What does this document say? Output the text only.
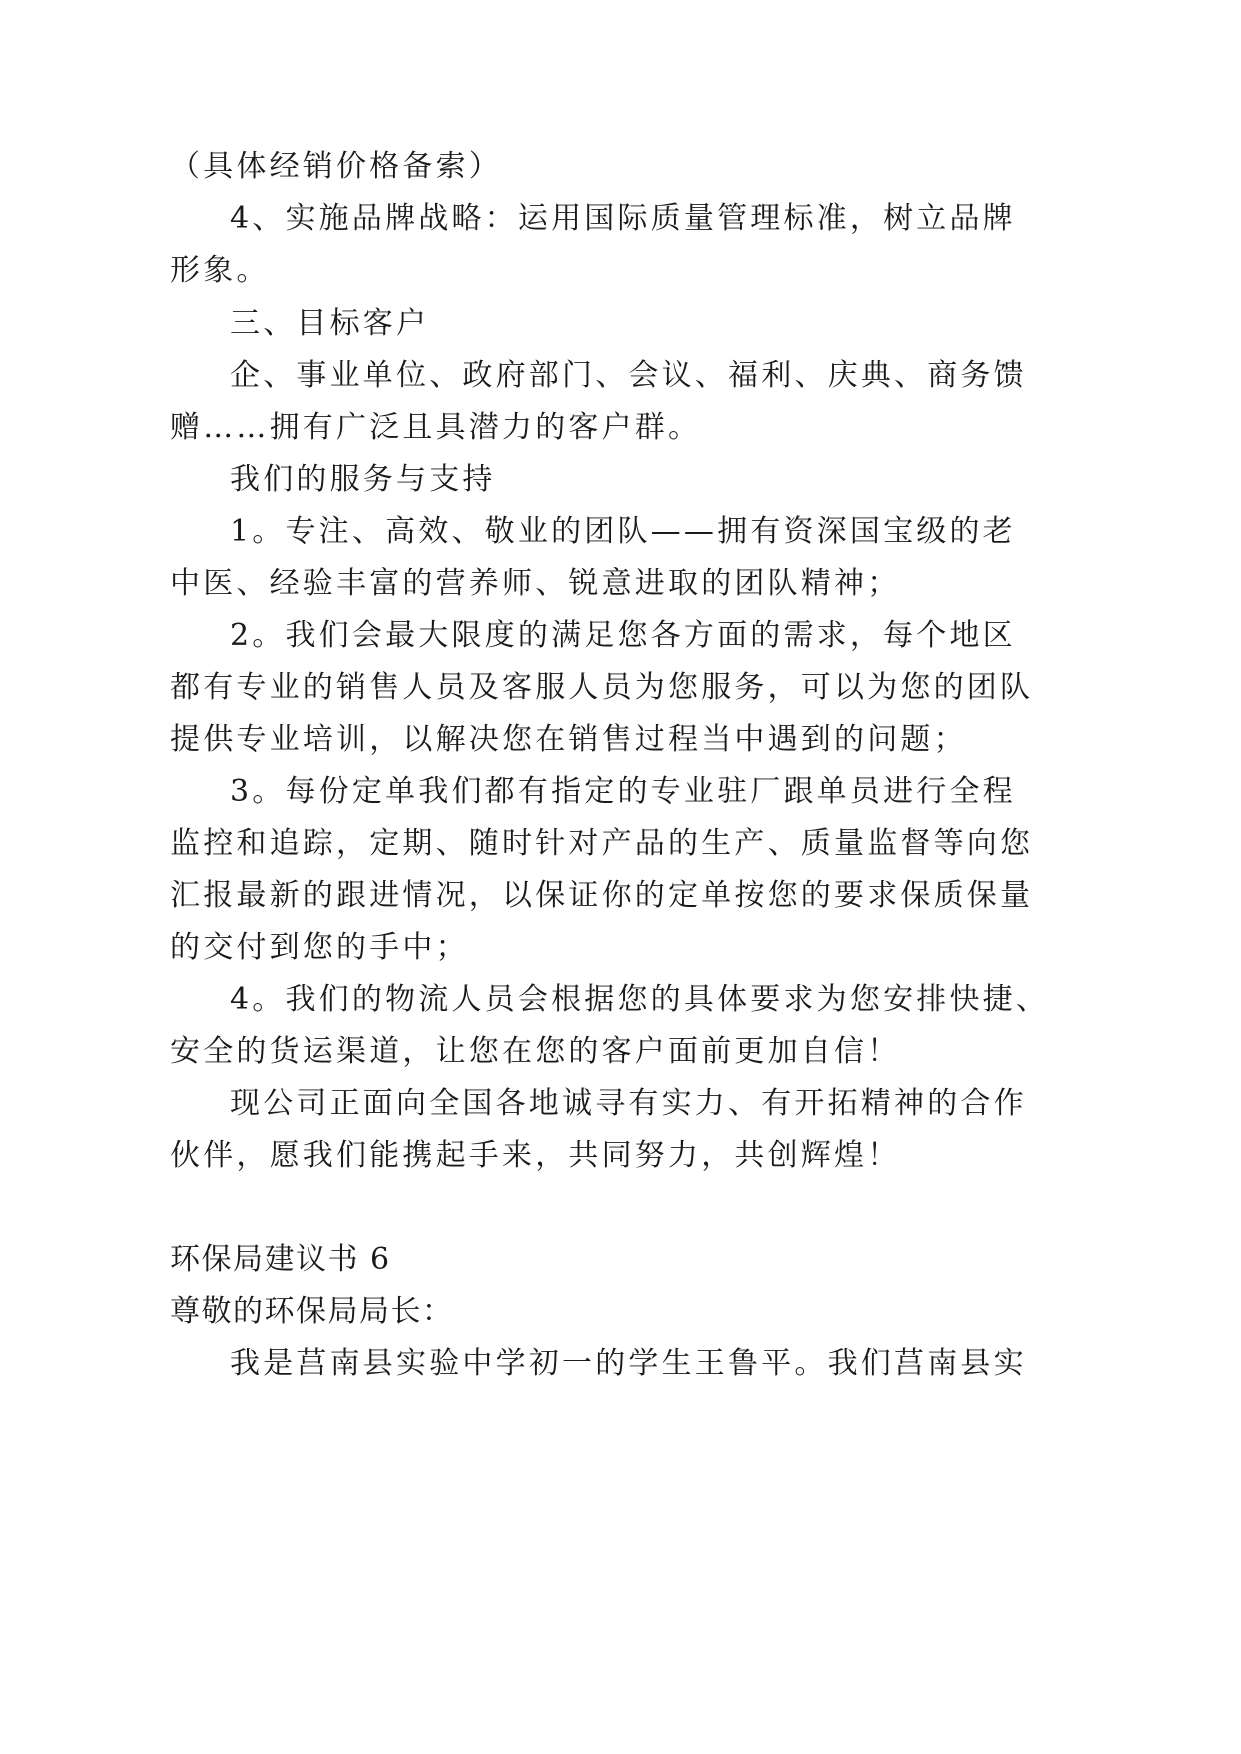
（具体经销价格备索）
4、实施品牌战略：运用国际质量管理标准，树立品牌
形象。
三、目标客户
企、事业单位、政府部门、会议、福利、庆典、商务馈
赠……拥有广泛且具潜力的客户群。
我们的服务与支持
1。专注、高效、敬业的团队——拥有资深国宝级的老
中医、经验丰富的营养师、锐意进取的团队精神；
2。我们会最大限度的满足您各方面的需求，每个地区
都有专业的销售人员及客服人员为您服务，可以为您的团队
提供专业培训，以解决您在销售过程当中遇到的问题；
3。每份定单我们都有指定的专业驻厂跟单员进行全程
监控和追踪，定期、随时针对产品的生产、质量监督等向您
汇报最新的跟进情况，以保证你的定单按您的要求保质保量
的交付到您的手中；
4。我们的物流人员会根据您的具体要求为您安排快捷、
安全的货运渠道，让您在您的客户面前更加自信！
现公司正面向全国各地诚寻有实力、有开拓精神的合作
伙伴，愿我们能携起手来，共同努力，共创辉煌！
环保局建议书 6
尊敬的环保局局长：
我是莒南县实验中学初一的学生王鲁平。我们莒南县实
